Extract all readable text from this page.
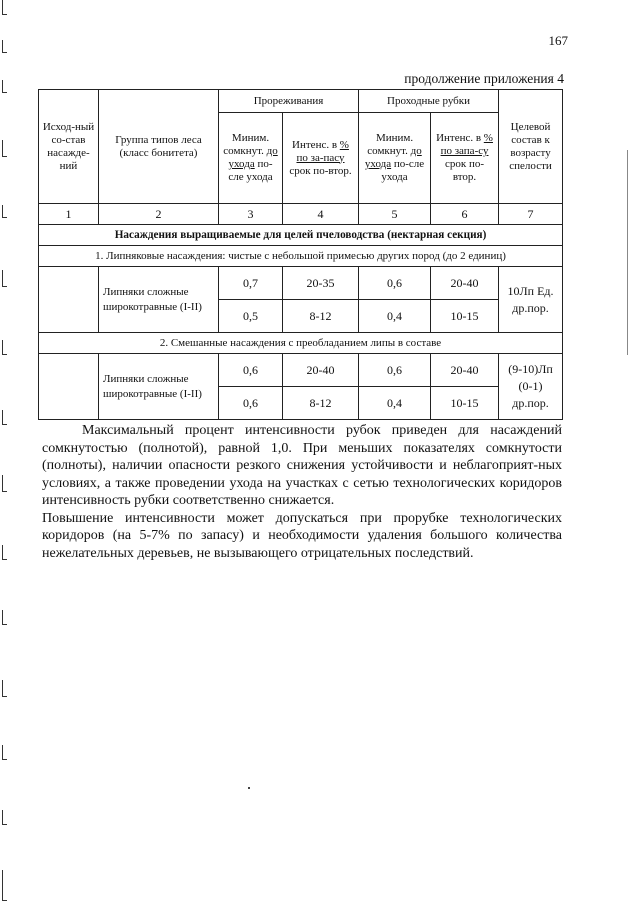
167
продолжение приложения 4
Исход-ный со-став насажде-ний	Группа типов леса (класс бонитета)	Прореживания		Проходные рубки		Целевой состав к возрасту спелости
		Миним. сомкнут. до ухода по-сле ухода	Интенс. в % по за-пасу срок по-втор.	Миним. сомкнут. до ухода по-сле ухода	Интенс. в % по запа-су срок по-втор.	
1	2	3	4	5	6	7
Насаждения выращиваемые для целей пчеловодства (нектарная секция)						
1. Липняковые насаждения: чистые с небольшой примесью других пород (до 2 единиц)						
	Липняки сложные широкотравные (I-II)	0,7	20-35	0,6	20-40	10Лп Ед. др.пор.
		0,5	8-12	0,4	10-15	
2. Смешанные насаждения с преобладанием липы в составе						
	Липняки сложные широкотравные (I-II)	0,6	20-40	0,6	20-40	(9-10)Лп (0-1) др.пор.
		0,6	8-12	0,4	10-15	

Максимальный процент интенсивности рубок приведен для насаждений сомкнутостью (полнотой), равной 1,0. При меньших показателях сомкнутости (полноты), наличии опасности резкого снижения устойчивости и неблагоприят-ных условиях, а также проведении ухода на участках с сетью технологических коридоров интенсивность рубки соответственно снижается.

Повышение интенсивности может допускаться при прорубке технологических коридоров (на 5-7% по запасу) и необходимости удаления большого количества нежелательных деревьев, не вызывающего отрицательных последствий.
